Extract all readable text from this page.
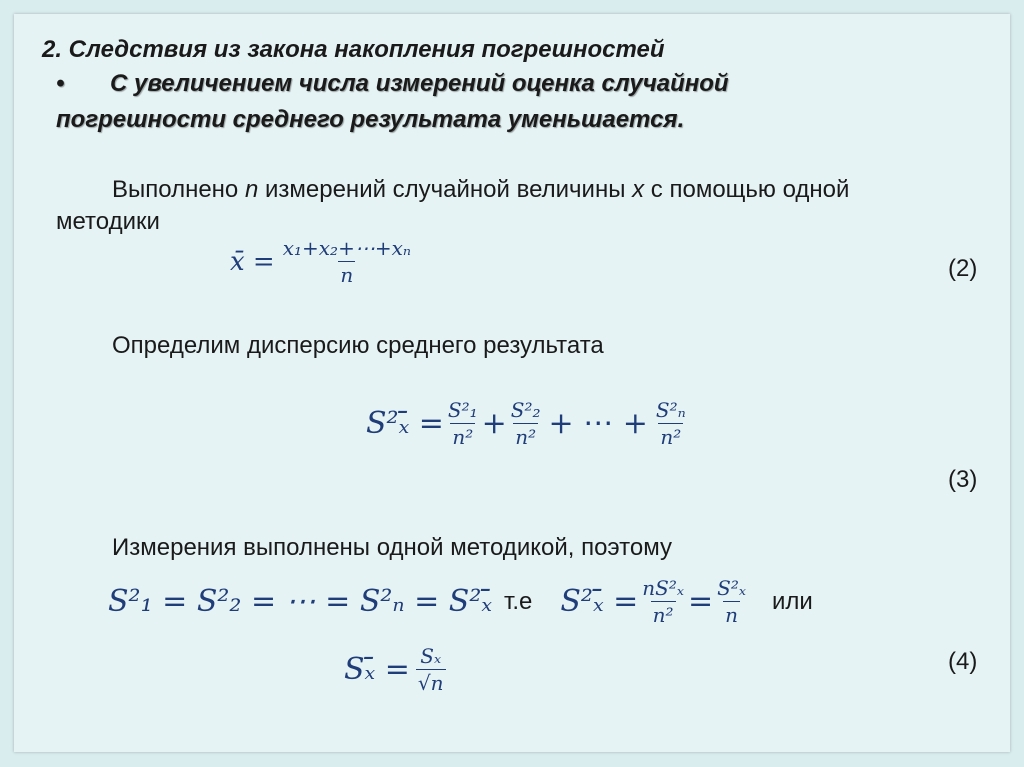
2. Следствия из закона накопления погрешностей
• С увеличением числа измерений оценка случайной
погрешности среднего результата уменьшается.
Выполнено n измерений случайной величины x с помощью одной
методики
x̄ = $\frac{\text{x₁+x₂+⋯+xₙ}}{n}$	(2)
Определим дисперсию среднего результата
S²ₓ̄ = $\frac{\text{S²₁}}{\text{n²}} + \frac{\text{S²₂}}{\text{n²}}$ + ⋯ + $\frac{\text{S²ₙ}}{\text{n²}}$
(3)
Измерения выполнены одной методикой, поэтому
S²₁ = S²₂ = ⋯ = S²ₙ = S²ₓ̄ т.е S²ₓ̄ = $\frac{\text{nS²ₓ}}{\text{n²}} = \frac{\text{S²ₓ}}{n}$ или
Sₓ̄ = $\frac{\text{Sₓ}}{√n}$	(4)
